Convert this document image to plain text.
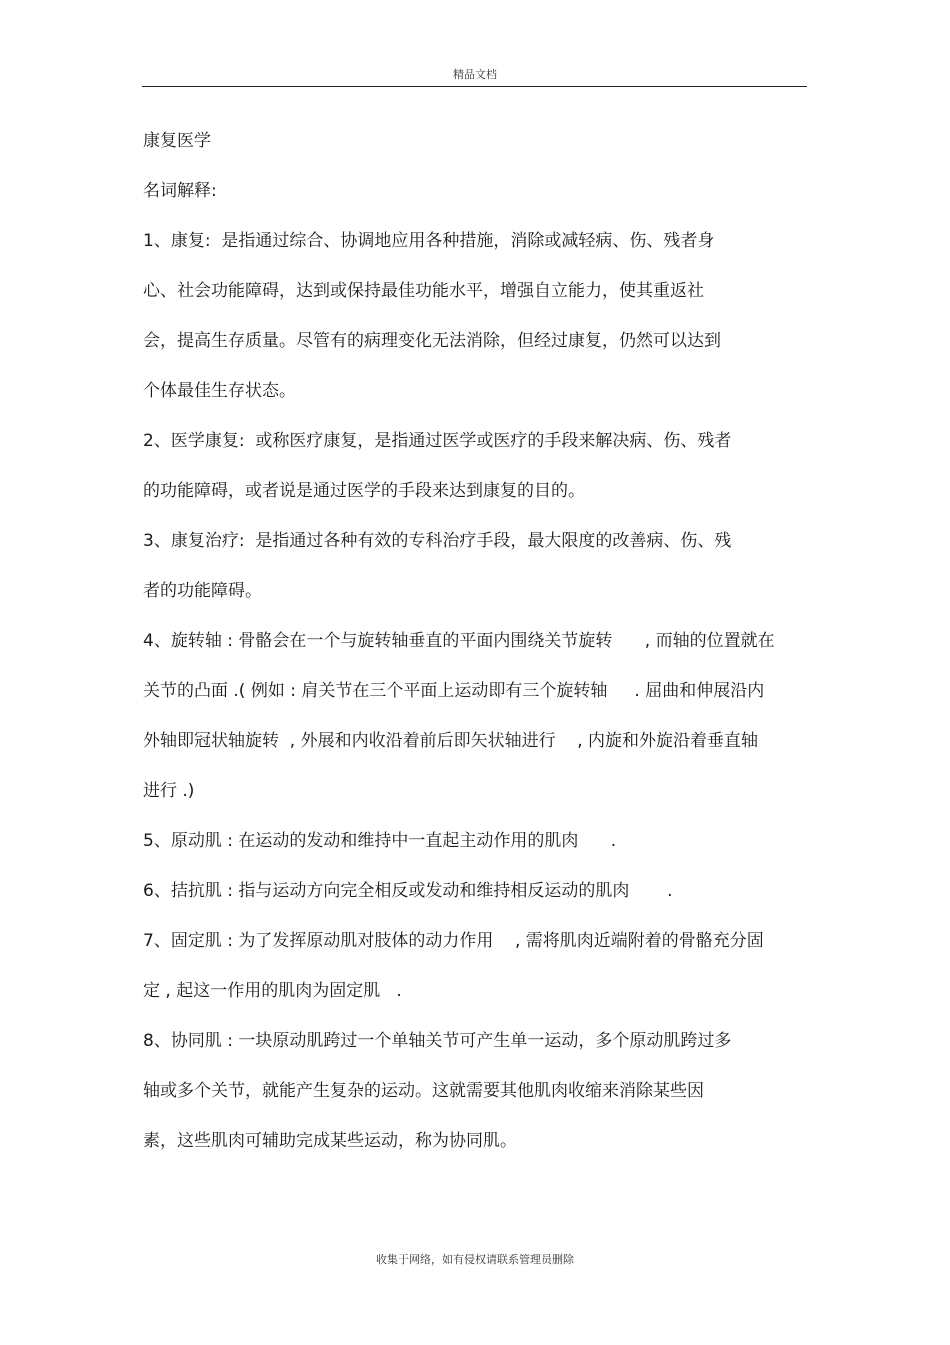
精品文档
康复医学
名词解释:
1、康复:  是指通过综合、协调地应用各种措施，消除或减轻病、伤、残者身
心、社会功能障碍，达到或保持最佳功能水平，增强自立能力，使其重返社
会，提高生存质量。尽管有的病理变化无法消除，但经过康复，仍然可以达到
个体最佳生存状态。
2、医学康复:  或称医疗康复，是指通过医学或医疗的手段来解决病、伤、残者
的功能障碍，或者说是通过医学的手段来达到康复的目的。
3、康复治疗:  是指通过各种有效的专科治疗手段，最大限度的改善病、伤、残
者的功能障碍。
4、旋转轴 : 骨骼会在一个与旋转轴垂直的平面内围绕关节旋转      , 而轴的位置就在
关节的凸面 .( 例如 : 肩关节在三个平面上运动即有三个旋转轴     . 屈曲和伸展沿内
外轴即冠状轴旋转  , 外展和内收沿着前后即矢状轴进行    , 内旋和外旋沿着垂直轴
进行 .)
5、原动肌 : 在运动的发动和维持中一直起主动作用的肌肉      .
6、拮抗肌 : 指与运动方向完全相反或发动和维持相反运动的肌肉       .
7、固定肌 : 为了发挥原动肌对肢体的动力作用    , 需将肌肉近端附着的骨骼充分固
定 , 起这一作用的肌肉为固定肌   .
8、协同肌 : 一块原动肌跨过一个单轴关节可产生单一运动，多个原动肌跨过多
轴或多个关节，就能产生复杂的运动。这就需要其他肌肉收缩来消除某些因
素，这些肌肉可辅助完成某些运动，称为协同肌。
收集于网络，如有侵权请联系管理员删除
